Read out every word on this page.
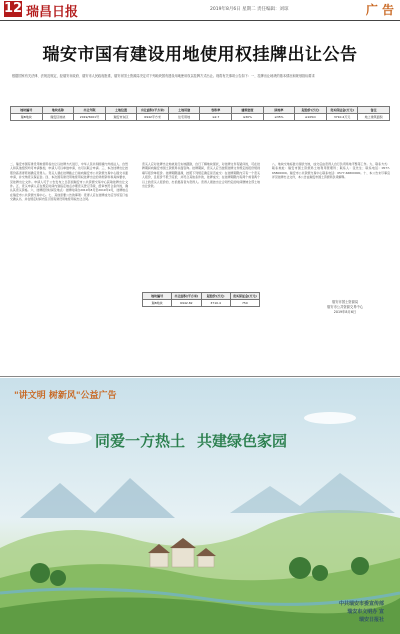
12 瑞昌日报	2019年8月6日 星期二 责任编辑：刘琼	广 告
瑞安市国有建设用地使用权挂牌出让公告
根据国家有关法律、法规及规定，经瑞安市政府、瑞安市人民政府批准，瑞安市国土资源局决定对下列地块国有建设用地使用权以挂牌方式出让。现将有关事项公告如下：一、挂牌出让地块的基本情况和规划指标要求
地块编号	地块名称	出让年限	土地位置	出让面积(平方米)	土地用途	容积率	建筑密度	绿地率	起始价(万元)	竞买保证金(万元)	备注
瑞B地块	瑞安区地块	2019/5001号	瑞安市东区	6942平方米	住宅用地	≤2.7	≤30%	≥35%	≥105m	3710.4万元	地上建筑面积
二、瑞安市国有建设用地使用权出让以挂牌方式进行，中华人民共和国境内外的法人、自然人和其他组织均可申请参加，申请人可以单独申请，也可以联合申请。三、本次挂牌出让按照价高者得原则确定竞得人。竞买人须在挂牌截止日前向瑞安市公共资源交易中心提交书面申请，并交纳竞买保证金。四、本次国有建设用地使用权挂牌出让的详细资料和具体要求，见挂牌出让文件。申请人可于公告发布之日起到瑞安市公共资源交易中心获取挂牌出让文件。五、竞买申请人应在规定时间内到指定地点办理竞买登记手续，经审核符合条件的，确认其竞买资格。六、挂牌报价时间及地点：挂牌时间自2019年8月至2019年9月，挂牌地点在瑞安市公共资源交易中心。七、其他需要公告的事项：竞得人应在挂牌成交后当场签订成交确认书，并在规定时间内签订国有建设用地使用权出让合同。
竞买人应对挂牌出让地块进行实地踏勘，自行了解地块现状，对挂牌文件有疑问的，可在挂牌期间向瑞安市国土资源局书面咨询。挂牌期间，竞买人应当按照挂牌文件规定的报价规则填写报价单报价。挂牌期限届满，按照下列规定确定是否成交：在挂牌期限内只有一个竞买人报价，且报价不低于底价，并符合其他条件的，挂牌成交；在挂牌期限内有两个或者两个以上的竞买人报价的，出价最高者为竞得人。竞得人须按出让合同约定的时间缴纳全部土地出让价款。
八、地块交地标准为现状交地，成交后由竞得人自行负责场地平整等工作。九、联系方式：联系地址：瑞安市国土资源局土地利用管理科；联系人：张先生；联系电话：0577-65800000。瑞安市公共资源交易中心联系电话：0577-66800000。十、本公告未尽事宜详见挂牌出让文件，本公告由瑞安市国土资源局负责解释。
地块编号	出让面积(平方米)	起始价(万元)	竞买保证金(万元)
瑞B地块	6942.82	3710.4	750	瑞安市国土资源局
瑞安市公共资源交易中心
2019年8月6日
"讲文明 树新风"公益广告
同爱一方热土 共建绿色家园
中共瑞安市委宣传部
瑞安市文明办 宣
瑞安日报社
